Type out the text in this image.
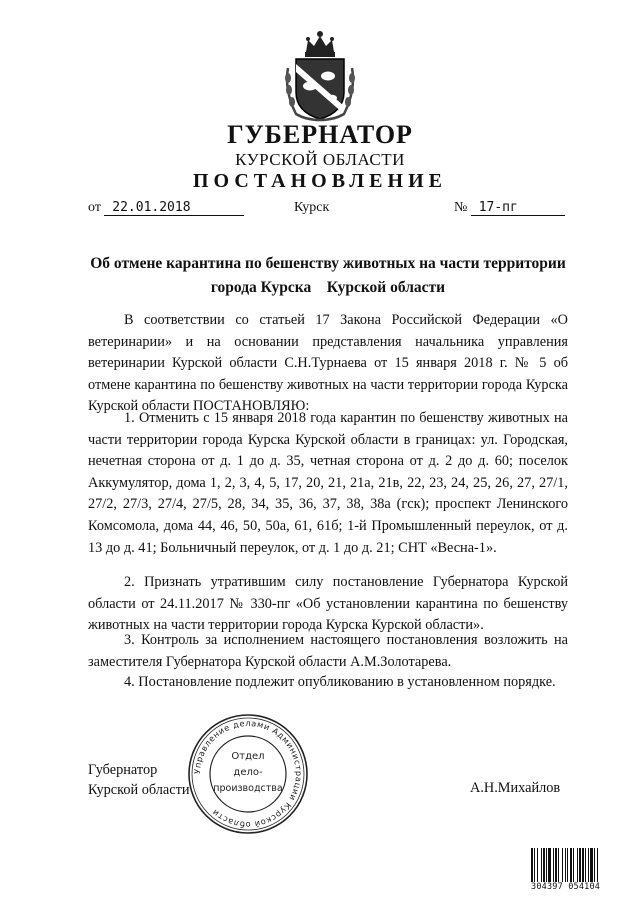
ГУБЕРНАТОР
КУРСКОЙ ОБЛАСТИ
ПОСТАНОВЛЕНИЕ
от 22.01.2018	Курск	№ 17-пг
Об отмене карантина по бешенству животных на части территории
города Курска    Курской области

В соответствии со статьей 17 Закона Российской Федерации «О ветеринарии» и на основании представления начальника управления ветеринарии Курской области С.Н.Турнаева от 15 января 2018 г. № 5 об отмене карантина по бешенству животных на части территории города Курска Курской области ПОСТАНОВЛЯЮ:

1. Отменить с 15 января 2018 года карантин по бешенству животных на части территории города Курска Курской области в границах: ул. Городская, нечетная сторона от д. 1 до д. 35, четная сторона от д. 2 до д. 60; поселок Аккумулятор, дома 1, 2, 3, 4, 5, 17, 20, 21, 21а, 21в, 22, 23, 24, 25, 26, 27, 27/1, 27/2, 27/3, 27/4, 27/5, 28, 34, 35, 36, 37, 38, 38а (гск); проспект Ленинского Комсомола, дома 44, 46, 50, 50а, 61, 61б; 1-й Промышленный переулок, от д. 13 до д. 41; Больничный переулок, от д. 1 до д. 21; СНТ «Весна-1».

2. Признать утратившим силу постановление Губернатора Курской области от 24.11.2017 № 330-пг «Об установлении карантина по бешенству животных на части территории города Курска Курской области».

3. Контроль за исполнением настоящего постановления возложить на заместителя Губернатора Курской области А.М.Золотарева.

4. Постановление подлежит опубликованию в установленном порядке.

Губернатор
Курской области	А.Н.Михайлов
Управление делами Администрации Курской области
Отдел
дело-
производства
304397 054104
